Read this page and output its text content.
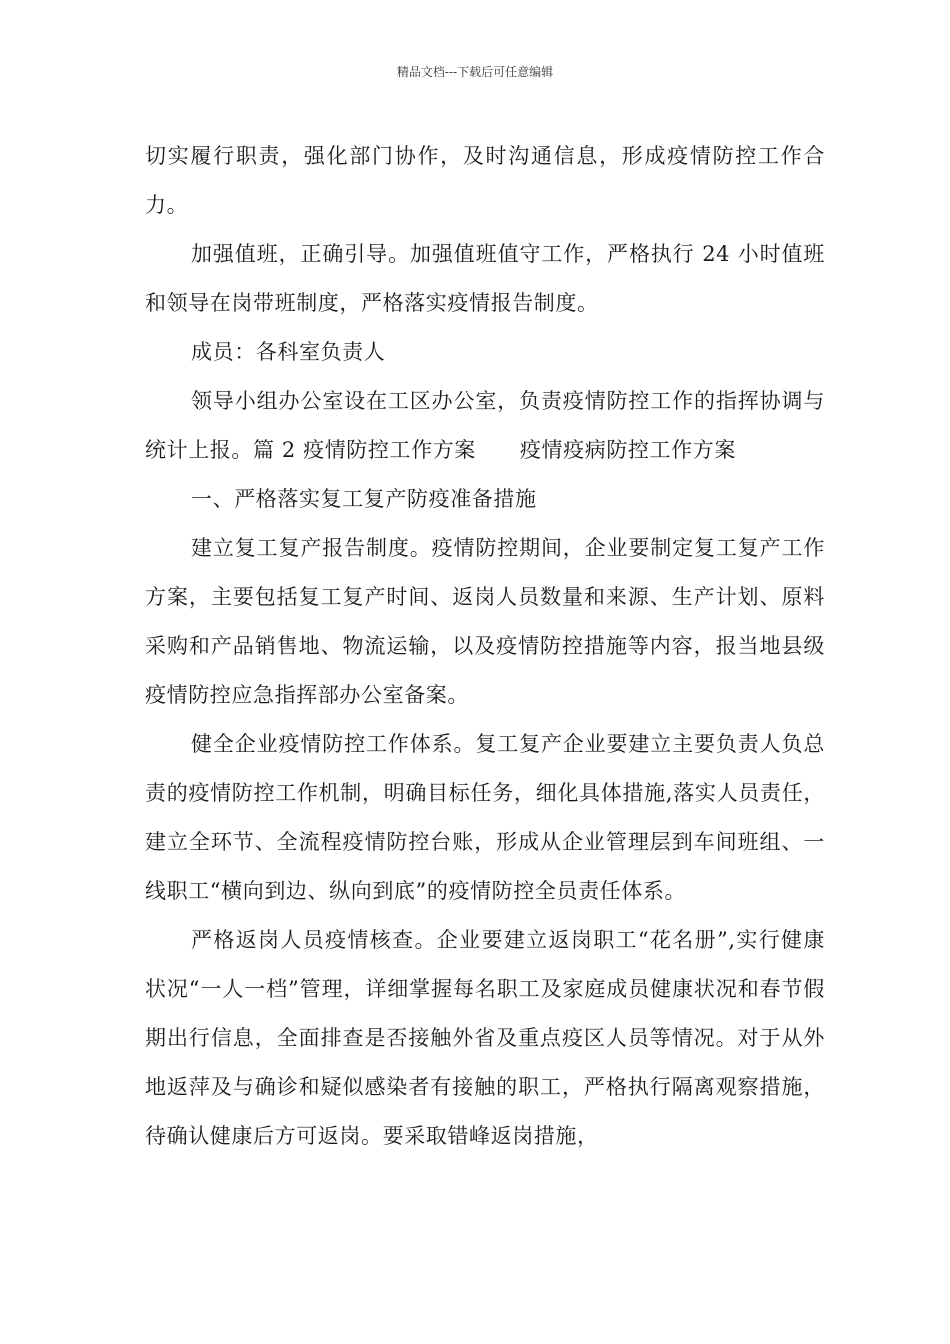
精品文档---下载后可任意编辑

切实履行职责，强化部门协作，及时沟通信息，形成疫情防控工作合力。

加强值班，正确引导。加强值班值守工作，严格执行 24 小时值班和领导在岗带班制度，严格落实疫情报告制度。

成员：各科室负责人

领导小组办公室设在工区办公室，负责疫情防控工作的指挥协调与统计上报。篇 2 疫情防控工作方案 疫情疫病防控工作方案

一、严格落实复工复产防疫准备措施

建立复工复产报告制度。疫情防控期间，企业要制定复工复产工作方案，主要包括复工复产时间、返岗人员数量和来源、生产计划、原料采购和产品销售地、物流运输，以及疫情防控措施等内容，报当地县级疫情防控应急指挥部办公室备案。

健全企业疫情防控工作体系。复工复产企业要建立主要负责人负总责的疫情防控工作机制，明确目标任务，细化具体措施,落实人员责任，建立全环节、全流程疫情防控台账，形成从企业管理层到车间班组、一线职工“横向到边、纵向到底”的疫情防控全员责任体系。

严格返岗人员疫情核查。企业要建立返岗职工“花名册”,实行健康状况“一人一档”管理，详细掌握每名职工及家庭成员健康状况和春节假期出行信息，全面排查是否接触外省及重点疫区人员等情况。对于从外地返萍及与确诊和疑似感染者有接触的职工，严格执行隔离观察措施，待确认健康后方可返岗。要采取错峰返岗措施，
